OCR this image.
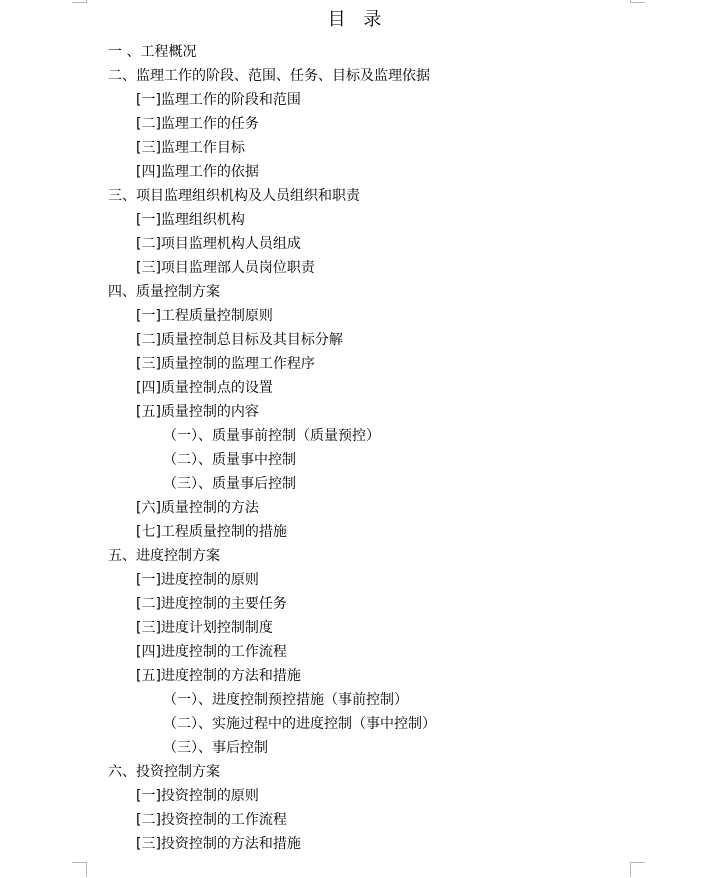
目 录
一 、工程概况
二、监理工作的阶段、范围、任务、目标及监理依据
[一]监理工作的阶段和范围
[二]监理工作的任务
[三]监理工作目标
[四]监理工作的依据
三、项目监理组织机构及人员组织和职责
[一]监理组织机构
[二]项目监理机构人员组成
[三]项目监理部人员岗位职责
四、质量控制方案
[一]工程质量控制原则
[二]质量控制总目标及其目标分解
[三]质量控制的监理工作程序
[四]质量控制点的设置
[五]质量控制的内容
（一）、质量事前控制（质量预控）
（二）、质量事中控制
（三）、质量事后控制
[六]质量控制的方法
[七]工程质量控制的措施
五、进度控制方案
[一]进度控制的原则
[二]进度控制的主要任务
[三]进度计划控制制度
[四]进度控制的工作流程
[五]进度控制的方法和措施
（一）、进度控制预控措施（事前控制）
（二）、实施过程中的进度控制（事中控制）
（三）、事后控制
六、投资控制方案
[一]投资控制的原则
[二]投资控制的工作流程
[三]投资控制的方法和措施
